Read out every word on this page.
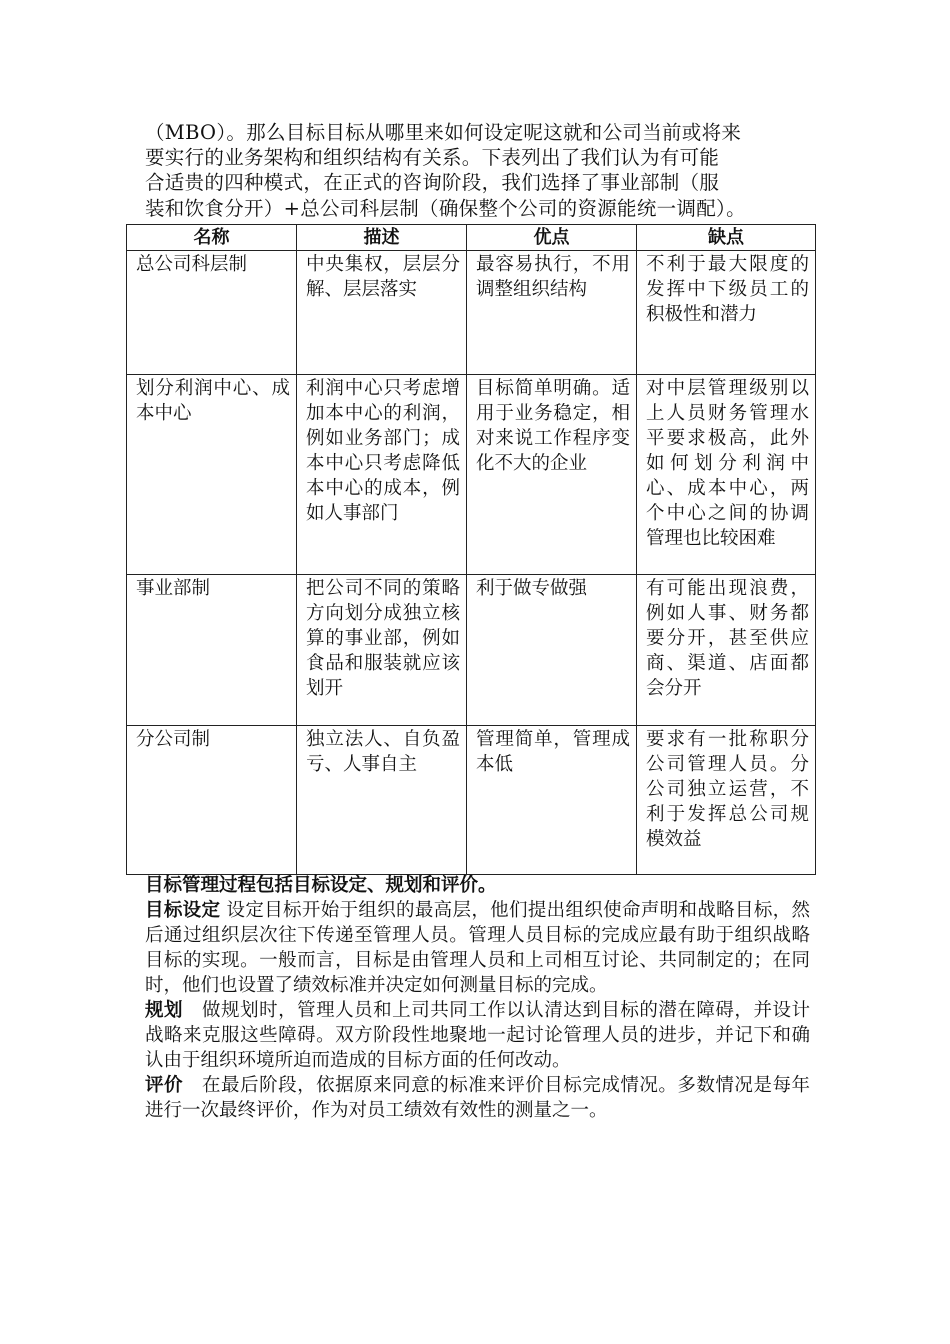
（MBO）。那么目标目标从哪里来如何设定呢这就和公司当前或将来

要实行的业务架构和组织结构有关系。下表列出了我们认为有可能

合适贵的四种模式，在正式的咨询阶段，我们选择了事业部制（服

装和饮食分开）+总公司科层制（确保整个公司的资源能统一调配）。

名称	描述	优点	缺点
总公司科层制	中央集权，层层分解、层层落实	最容易执行，不用调整组织结构	不利于最大限度的发挥中下级员工的积极性和潜力
划分利润中心、成本中心	利润中心只考虑增加本中心的利润，例如业务部门；成本中心只考虑降低本中心的成本，例如人事部门	目标简单明确。适用于业务稳定，相对来说工作程序变化不大的企业	对中层管理级别以上人员财务管理水平要求极高，此外如何划分利润中心、成本中心，两个中心之间的协调管理也比较困难
事业部制	把公司不同的策略方向划分成独立核算的事业部，例如食品和服装就应该划开	利于做专做强	有可能出现浪费，例如人事、财务都要分开，甚至供应商、渠道、店面都会分开
分公司制	独立法人、自负盈亏、人事自主	管理简单，管理成本低	要求有一批称职分公司管理人员。分公司独立运营，不利于发挥总公司规模效益

目标管理过程包括目标设定、规划和评价。

目标设定 设定目标开始于组织的最高层，他们提出组织使命声明和战略目标，然后通过组织层次往下传递至管理人员。管理人员目标的完成应最有助于组织战略目标的实现。一般而言，目标是由管理人员和上司相互讨论、共同制定的；在同时，他们也设置了绩效标准并决定如何测量目标的完成。

规划　做规划时，管理人员和上司共同工作以认清达到目标的潜在障碍，并设计战略来克服这些障碍。双方阶段性地聚地一起讨论管理人员的进步，并记下和确认由于组织环境所迫而造成的目标方面的任何改动。

评价　在最后阶段，依据原来同意的标准来评价目标完成情况。多数情况是每年进行一次最终评价，作为对员工绩效有效性的测量之一。
